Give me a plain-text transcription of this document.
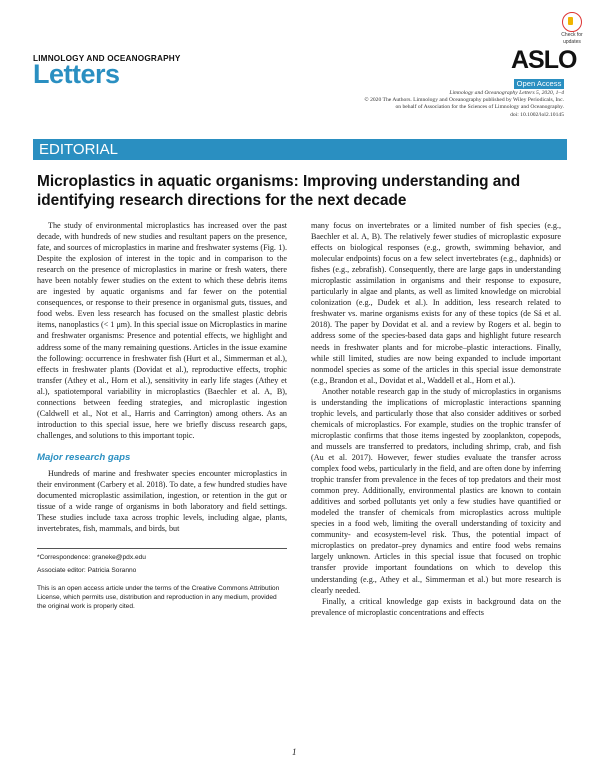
Check for
updates
LIMNOLOGY AND OCEANOGRAPHY
Letters	ASLO
Open Access
Limnology and Oceanography Letters 5, 2020, 1–4
© 2020 The Authors. Limnology and Oceanography published by Wiley Periodicals, Inc.
on behalf of Association for the Sciences of Limnology and Oceanography.
doi: 10.1002/lol2.10145
EDITORIAL
Microplastics in aquatic organisms: Improving understanding and identifying research directions for the next decade

The study of environmental microplastics has increased over the past decade, with hundreds of new studies and resultant papers on the presence, fate, and sources of microplastics in marine and freshwater systems (Fig. 1). Despite the explosion of interest in the topic and in comparison to the research on the presence of microplastics in marine or fresh waters, there have been notably fewer studies on the extent to which these debris items are ingested by aquatic organisms and far fewer on the potential consequences, or response to their presence in organismal guts, tissues, and food webs. Even less research has focused on the smallest plastic debris items, nanoplastics (< 1 μm). In this special issue on Microplastics in marine and freshwater organisms: Presence and potential effects, we highlight and address some of the many remaining questions. Articles in the issue examine the following: occurrence in freshwater fish (Hurt et al., Simmerman et al.), effects in freshwater plants (Dovidat et al.), reproductive effects, trophic transfer (Athey et al., Horn et al.), sensitivity in early life stages (Athey et al.), spatiotemporal variability in microplastics (Baechler et al. A, B), connections between feeding strategies, and microplastic ingestion (Caldwell et al., Not et al., Harris and Carrington) among others. As an introduction to this special issue, here we briefly discuss research gaps, challenges, and solutions to this important topic.

Major research gaps

Hundreds of marine and freshwater species encounter microplastics in their environment (Carbery et al. 2018). To date, a few hundred studies have documented microplastic assimilation, ingestion, or retention in the gut or tissue of a wide range of organisms in both laboratory and field settings. These studies include taxa across trophic levels, including algae, plants, invertebrates, fish, mammals, and birds, but

*Correspondence: graneke@pdx.edu
Associate editor: Patricia Soranno
This is an open access article under the terms of the Creative Commons Attribution License, which permits use, distribution and reproduction in any medium, provided the original work is properly cited.

many focus on invertebrates or a limited number of fish species (e.g., Baechler et al. A, B). The relatively fewer studies of microplastic exposure effects on biological responses (e.g., growth, swimming behavior, and molecular endpoints) focus on a few select invertebrates (e.g., daphnids) or fishes (e.g., zebrafish). Consequently, there are large gaps in understanding microplastic assimilation in organisms and their response to exposure, particularly in algae and plants, as well as limited knowledge on microbial colonization (e.g., Dudek et al.). In addition, less research related to freshwater vs. marine organisms exists for any of these topics (de Sá et al. 2018). The paper by Dovidat et al. and a review by Rogers et al. begin to address some of the species-based data gaps and highlight future research needs in freshwater plants and for microbe–plastic interactions. Finally, while still limited, studies are now being expanded to include important nonmodel species as some of the articles in this special issue demonstrate (e.g., Brandon et al., Dovidat et al., Waddell et al., Horn et al.).

Another notable research gap in the study of microplastics in organisms is understanding the implications of microplastic interactions spanning trophic levels, and particularly those that also consider additives or sorbed chemicals of microplastics. For example, studies on the trophic transfer of microplastic confirms that those items ingested by zooplankton, copepods, and mussels are transferred to predators, including shrimp, crab, and fish (Au et al. 2017). However, fewer studies evaluate the transfer across complex food webs, particularly in the field, and are often done by inferring trophic transfer from prevalence in the feces of top predators and their most common prey. Additionally, environmental plastics are known to contain additives and sorbed pollutants yet only a few studies have quantified or modeled the transfer of chemicals from microplastics across multiple species in a food web, limiting the overall understanding of toxicity and community- and ecosystem-level risk. Thus, the potential impact of microplastics on predator–prey dynamics and entire food webs remains largely unknown. Articles in this special issue that focused on trophic transfer provide important foundations on which to develop this understanding (e.g., Athey et al., Simmerman et al.) but more research is clearly needed.

Finally, a critical knowledge gap exists in background data on the prevalence of microplastic concentrations and effects

1
